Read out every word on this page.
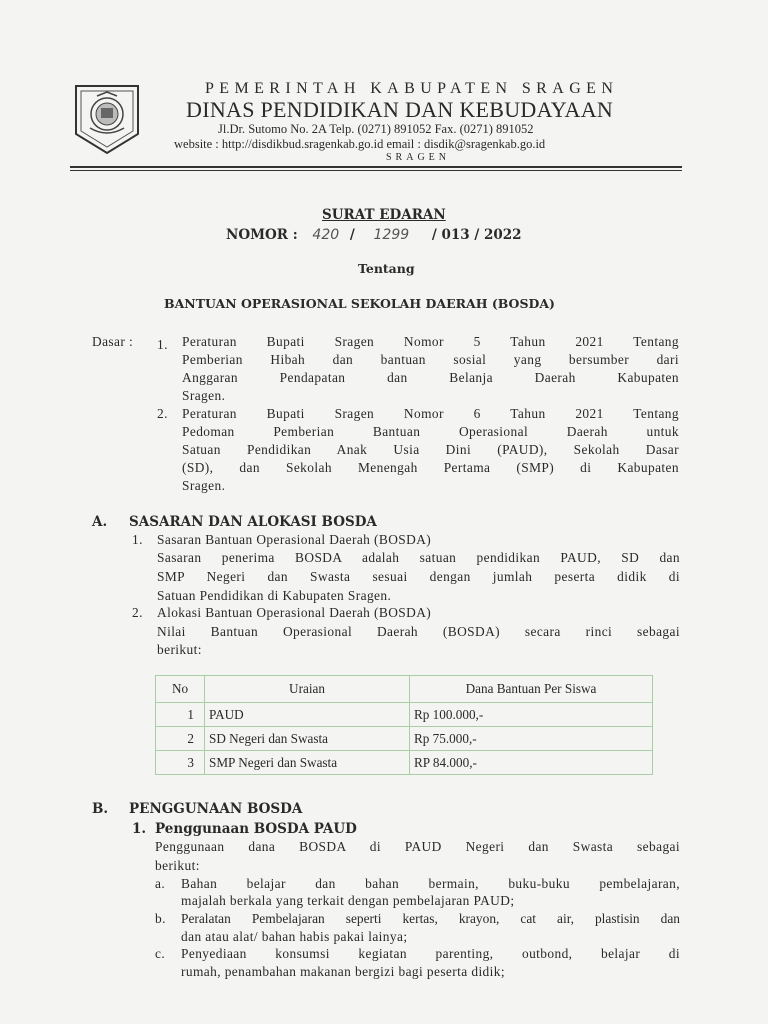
PEMERINTAH KABUPATEN SRAGEN
DINAS PENDIDIKAN DAN KEBUDAYAAN
Jl.Dr. Sutomo No. 2A Telp. (0271) 891052 Fax. (0271) 891052
website : http://disdikbud.sragenkab.go.id email : disdik@sragenkab.go.id
SRAGEN
SURAT EDARAN
NOMOR : 420 / 1299 / 013 / 2022
Tentang
BANTUAN OPERASIONAL SEKOLAH DAERAH (BOSDA)
Dasar : 1. Peraturan Bupati Sragen Nomor 5 Tahun 2021 Tentang
Pemberian Hibah dan bantuan sosial yang bersumber dari
Anggaran Pendapatan dan Belanja Daerah Kabupaten
Sragen.
2. Peraturan Bupati Sragen Nomor 6 Tahun 2021 Tentang
Pedoman Pemberian Bantuan Operasional Daerah untuk
Satuan Pendidikan Anak Usia Dini (PAUD), Sekolah Dasar
(SD), dan Sekolah Menengah Pertama (SMP) di Kabupaten
Sragen.
A. SASARAN DAN ALOKASI BOSDA
1. Sasaran Bantuan Operasional Daerah (BOSDA)
Sasaran penerima BOSDA adalah satuan pendidikan PAUD, SD dan
SMP Negeri dan Swasta sesuai dengan jumlah peserta didik di
Satuan Pendidikan di Kabupaten Sragen.
2. Alokasi Bantuan Operasional Daerah (BOSDA)
Nilai Bantuan Operasional Daerah (BOSDA) secara rinci sebagai
berikut:
No	Uraian	Dana Bantuan Per Siswa
1	PAUD	Rp 100.000,-
2	SD Negeri dan Swasta	Rp 75.000,-
3	SMP Negeri dan Swasta	RP 84.000,-
B. PENGGUNAAN BOSDA
1. Penggunaan BOSDA PAUD
Penggunaan dana BOSDA di PAUD Negeri dan Swasta sebagai
berikut:
a. Bahan belajar dan bahan bermain, buku-buku pembelajaran,
majalah berkala yang terkait dengan pembelajaran PAUD;
b. Peralatan Pembelajaran seperti kertas, krayon, cat air, plastisin dan
dan atau alat/ bahan habis pakai lainya;
c. Penyediaan konsumsi kegiatan parenting, outbond, belajar di
rumah, penambahan makanan bergizi bagi peserta didik;
